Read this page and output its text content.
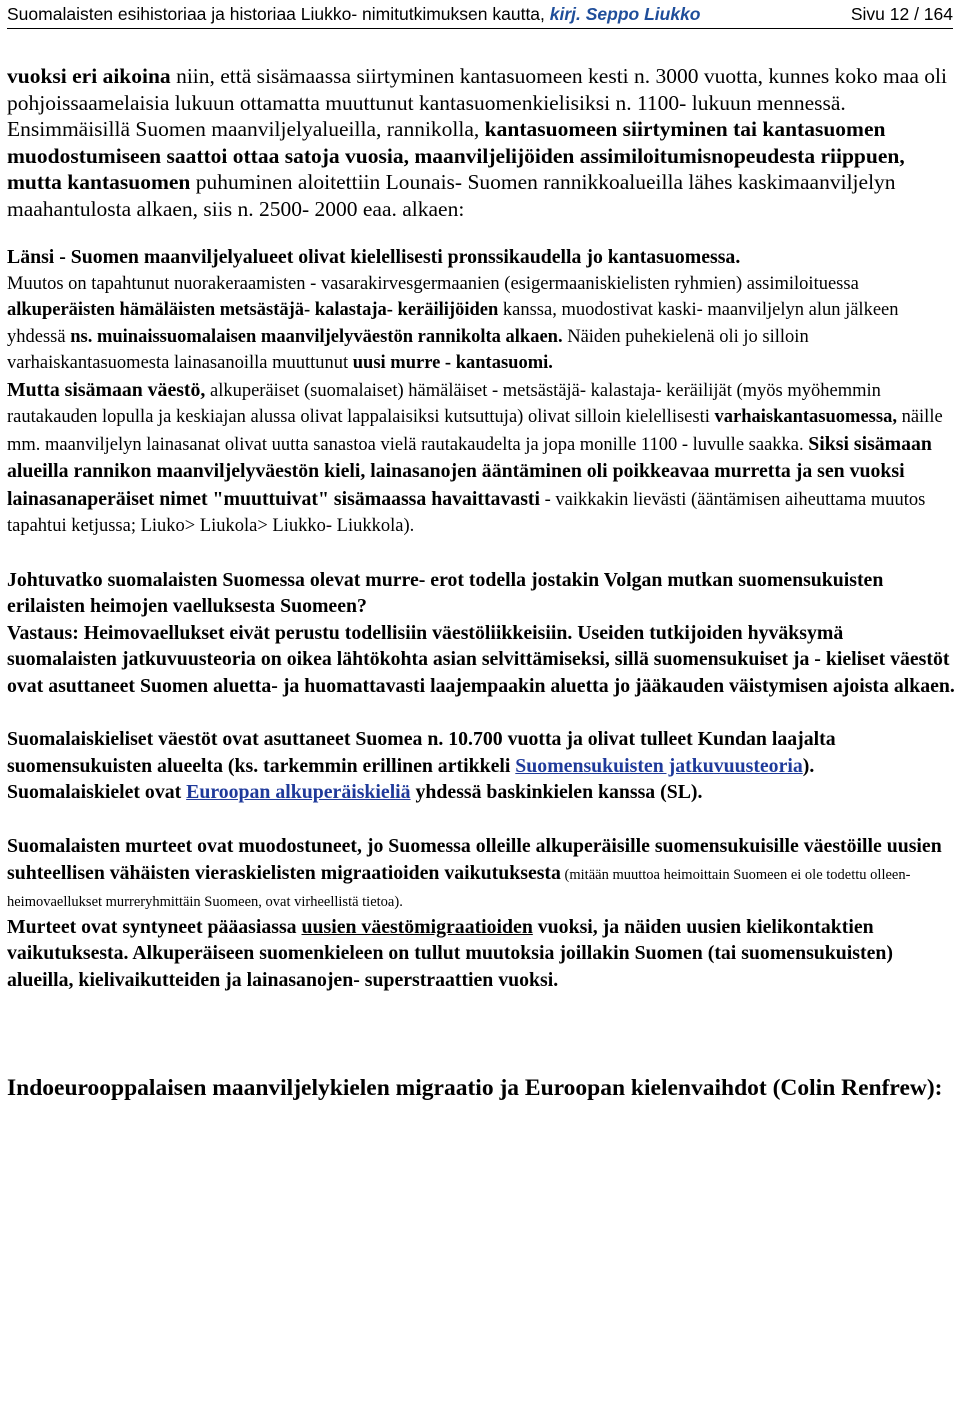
Suomalaisten esihistoriaa ja historiaa Liukko- nimitutkimuksen kautta, kirj. Seppo Liukko	Sivu 12 / 164

vuoksi eri aikoina niin, että sisämaassa siirtyminen kantasuomeen kesti n. 3000 vuotta, kunnes koko maa oli pohjoissaamelaisia lukuun ottamatta muuttunut kantasuomenkielisiksi n. 1100- lukuun mennessä.

Ensimmäisillä Suomen maanviljelyalueilla, rannikolla, kantasuomeen siirtyminen tai kantasuomen muodostumiseen saattoi ottaa satoja vuosia, maanviljelijöiden assimiloitumisnopeudesta riippuen, mutta kantasuomen puhuminen aloitettiin Lounais- Suomen rannikkoalueilla lähes kaskimaanviljelyn maahantulosta alkaen, siis n. 2500- 2000 eaa. alkaen:

Länsi - Suomen maanviljelyalueet olivat kielellisesti pronssikaudella jo kantasuomessa.

Muutos on tapahtunut nuorakeraamisten - vasarakirvesgermaanien (esigermaaniskielisten ryhmien) assimiloituessa alkuperäisten hämäläisten metsästäjä- kalastaja- keräilijöiden kanssa, muodostivat kaski- maanviljelyn alun jälkeen yhdessä ns. muinaissuomalaisen maanviljelyväestön rannikolta alkaen. Näiden puhekielenä oli jo silloin varhaiskantasuomesta lainasanoilla muuttunut uusi murre - kantasuomi.

Mutta sisämaan väestö, alkuperäiset (suomalaiset) hämäläiset - metsästäjä- kalastaja- keräilijät (myös myöhemmin rautakauden lopulla ja keskiajan alussa olivat lappalaisiksi kutsuttuja) olivat silloin kielellisesti varhaiskantasuomessa, näille mm. maanviljelyn lainasanat olivat uutta sanastoa vielä rautakaudelta ja jopa monille 1100 - luvulle saakka. Siksi sisämaan alueilla rannikon maanviljelyväestön kieli, lainasanojen ääntäminen oli poikkeavaa murretta ja sen vuoksi lainasanaperäiset nimet "muuttuivat" sisämaassa havaittavasti - vaikkakin lievästi (ääntämisen aiheuttama muutos tapahtui ketjussa; Liuko> Liukola> Liukko- Liukkola).

Johtuvatko suomalaisten Suomessa olevat murre- erot todella jostakin Volgan mutkan suomensukuisten erilaisten heimojen vaelluksesta Suomeen?

Vastaus: Heimovaellukset eivät perustu todellisiin väestöliikkeisiin. Useiden tutkijoiden hyväksymä suomalaisten jatkuvuusteoria on oikea lähtökohta asian selvittämiseksi, sillä suomensukuiset ja - kieliset väestöt ovat asuttaneet Suomen aluetta- ja huomattavasti laajempaakin aluetta jo jääkauden väistymisen ajoista alkaen.

Suomalaiskieliset väestöt ovat asuttaneet Suomea n. 10.700 vuotta ja olivat tulleet Kundan laajalta suomensukuisten alueelta (ks. tarkemmin erillinen artikkeli Suomensukuisten jatkuvuusteoria).
Suomalaiskielet ovat Euroopan alkuperäiskieliä yhdessä baskinkielen kanssa (SL).

Suomalaisten murteet ovat muodostuneet, jo Suomessa olleille alkuperäisille suomensukuisille väestöille uusien suhteellisen vähäisten vieraskielisten migraatioiden vaikutuksesta (mitään muuttoa heimoittain Suomeen ei ole todettu olleen- heimovaellukset murreryhmittäin Suomeen, ovat virheellistä tietoa).

Murteet ovat syntyneet pääasiassa uusien väestömigraatioiden vuoksi, ja näiden uusien kielikontaktien vaikutuksesta. Alkuperäiseen suomenkieleen on tullut muutoksia joillakin Suomen (tai suomensukuisten) alueilla, kielivaikutteiden ja lainasanojen- superstraattien vuoksi.

Indoeurooppalaisen maanviljelykielen migraatio ja Euroopan kielenvaihdot (Colin Renfrew):
